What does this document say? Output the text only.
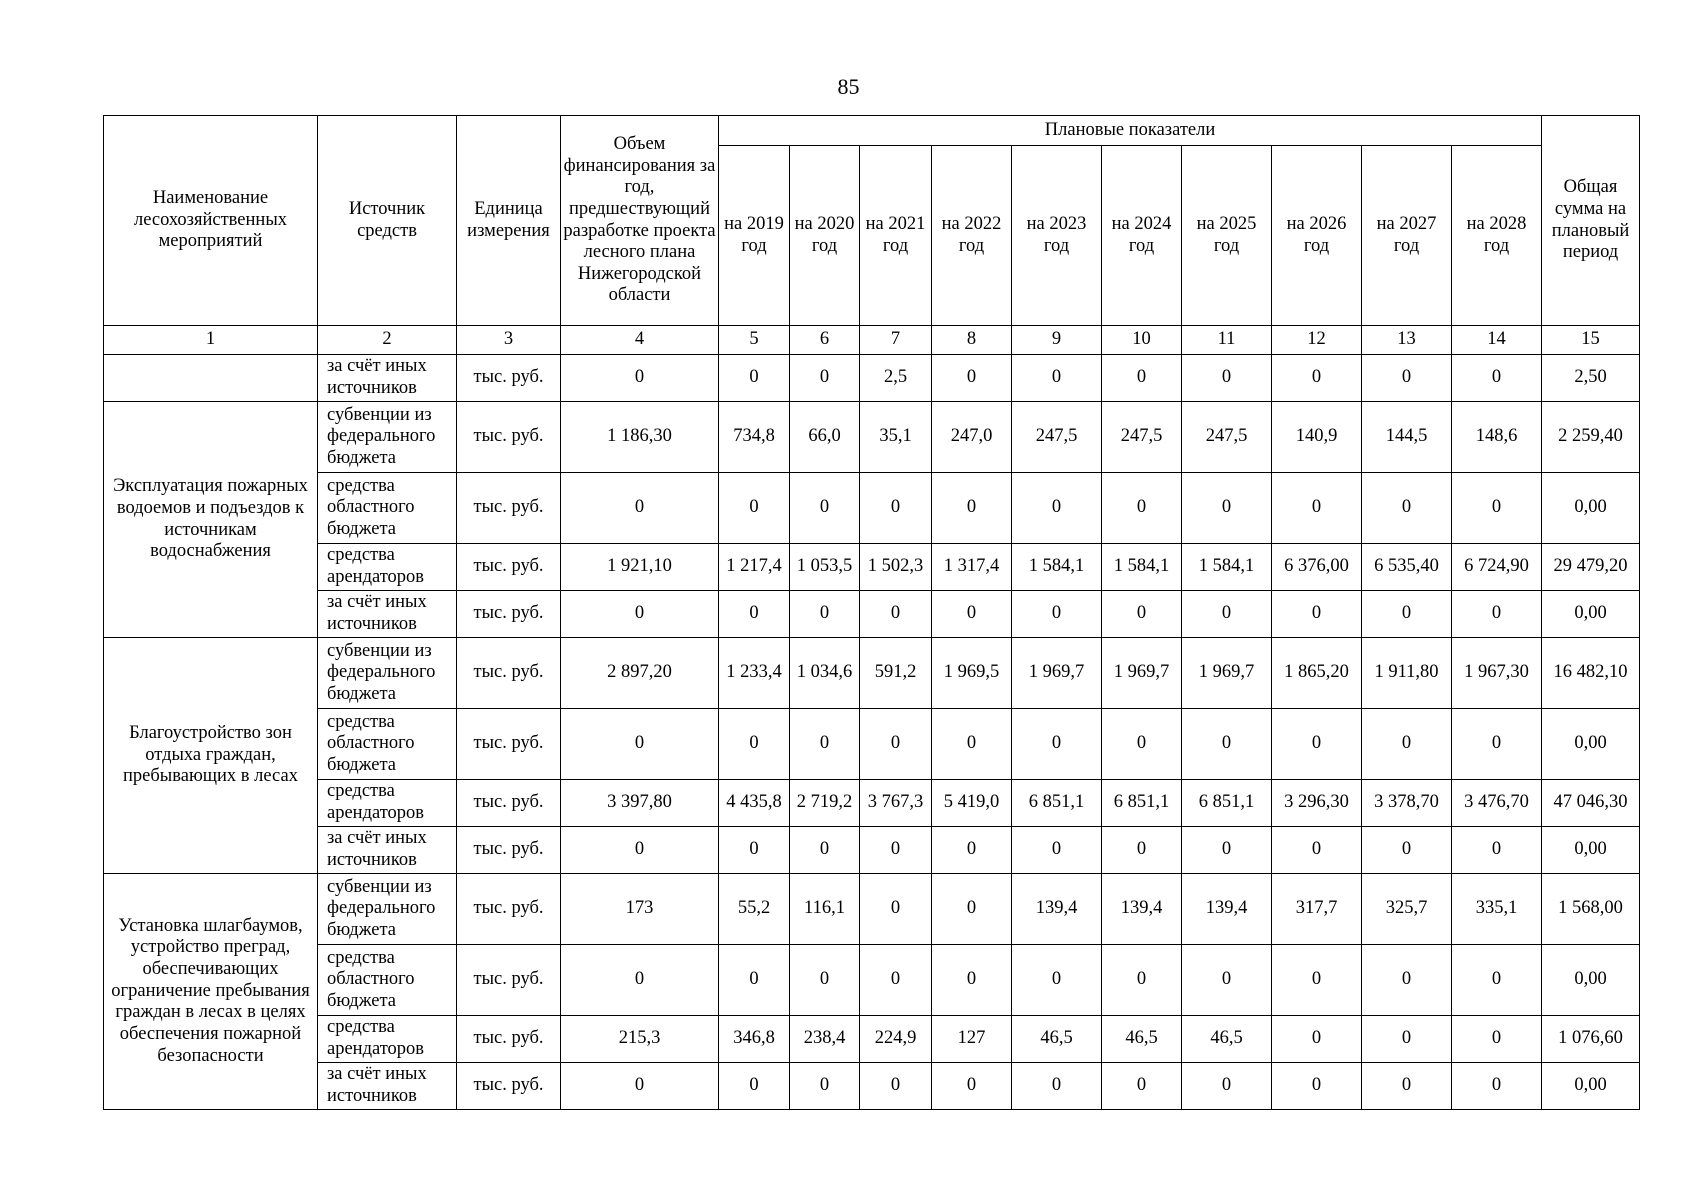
85
Наименование лесохозяйственных мероприятий	Источник средств	Единица измерения	Объем финансирования за год, предшествующий разработке проекта лесного плана Нижегородской области	Плановые показатели										Общая сумма на плановый период
				на 2019 год	на 2020 год	на 2021 год	на 2022 год	на 2023 год	на 2024 год	на 2025 год	на 2026 год	на 2027 год	на 2028 год	
1	2	3	4	5	6	7	8	9	10	11	12	13	14	15
	за счёт иных источников	тыс. руб.	0	0	0	2,5	0	0	0	0	0	0	0	2,50
Эксплуатация пожарных водоемов и подъездов к источникам водоснабжения	субвенции из федерального бюджета	тыс. руб.	1 186,30	734,8	66,0	35,1	247,0	247,5	247,5	247,5	140,9	144,5	148,6	2 259,40
	средства областного бюджета	тыс. руб.	0	0	0	0	0	0	0	0	0	0	0	0,00
	средства арендаторов	тыс. руб.	1 921,10	1 217,4	1 053,5	1 502,3	1 317,4	1 584,1	1 584,1	1 584,1	6 376,00	6 535,40	6 724,90	29 479,20
	за счёт иных источников	тыс. руб.	0	0	0	0	0	0	0	0	0	0	0	0,00
Благоустройство зон отдыха граждан, пребывающих в лесах	субвенции из федерального бюджета	тыс. руб.	2 897,20	1 233,4	1 034,6	591,2	1 969,5	1 969,7	1 969,7	1 969,7	1 865,20	1 911,80	1 967,30	16 482,10
	средства областного бюджета	тыс. руб.	0	0	0	0	0	0	0	0	0	0	0	0,00
	средства арендаторов	тыс. руб.	3 397,80	4 435,8	2 719,2	3 767,3	5 419,0	6 851,1	6 851,1	6 851,1	3 296,30	3 378,70	3 476,70	47 046,30
	за счёт иных источников	тыс. руб.	0	0	0	0	0	0	0	0	0	0	0	0,00
Установка шлагбаумов, устройство преград, обеспечивающих ограничение пребывания граждан в лесах в целях обеспечения пожарной безопасности	субвенции из федерального бюджета	тыс. руб.	173	55,2	116,1	0	0	139,4	139,4	139,4	317,7	325,7	335,1	1 568,00
	средства областного бюджета	тыс. руб.	0	0	0	0	0	0	0	0	0	0	0	0,00
	средства арендаторов	тыс. руб.	215,3	346,8	238,4	224,9	127	46,5	46,5	46,5	0	0	0	1 076,60
	за счёт иных источников	тыс. руб.	0	0	0	0	0	0	0	0	0	0	0	0,00
